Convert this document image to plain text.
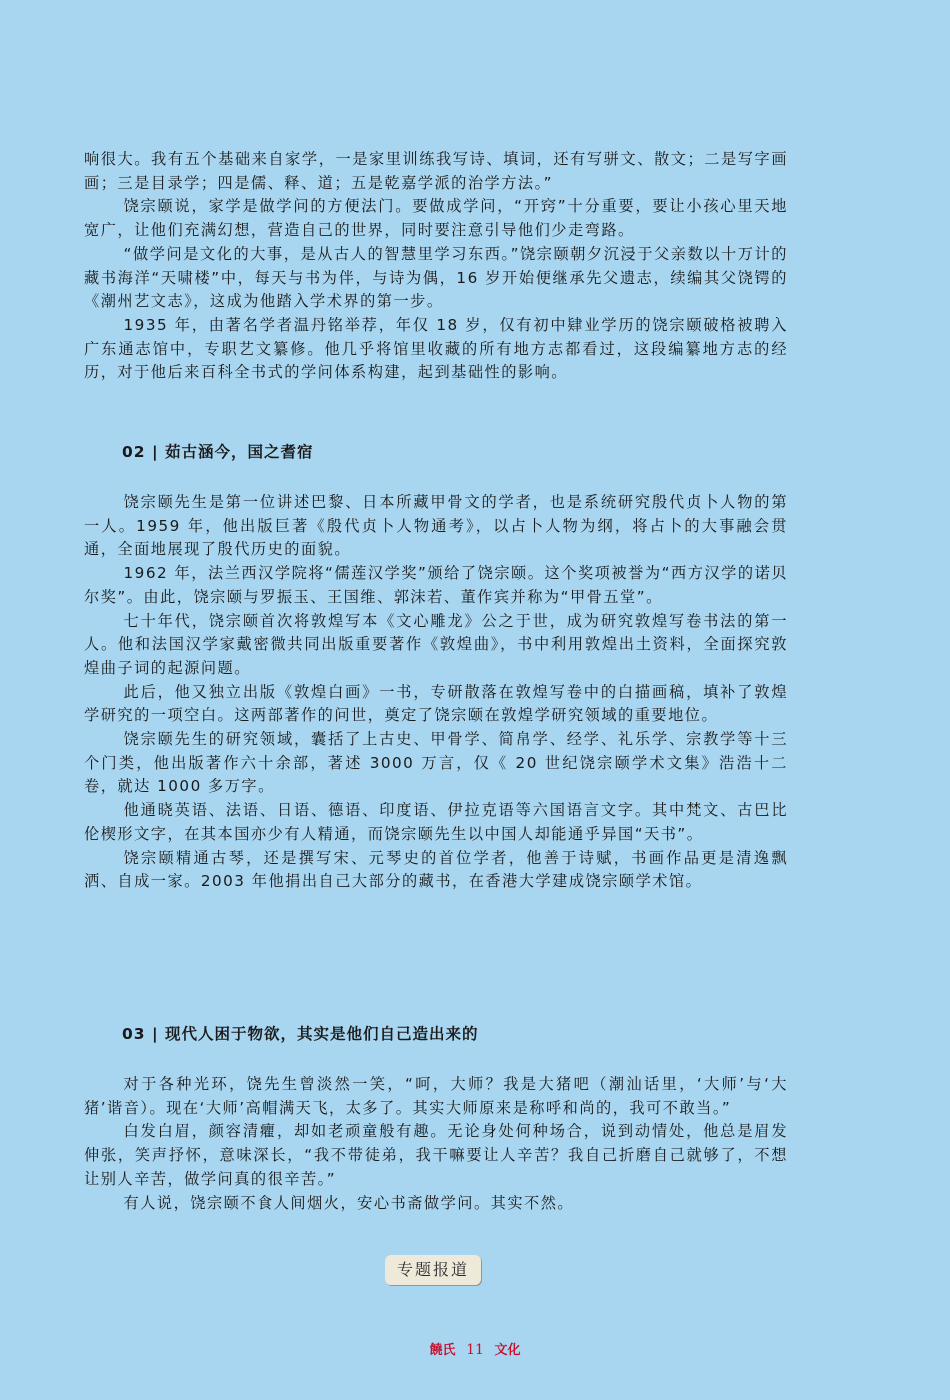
响很大。我有五个基础来自家学，一是家里训练我写诗、填词，还有写骈文、散文；二是写字画画；三是目录学；四是儒、释、道；五是乾嘉学派的治学方法。”

饶宗颐说，家学是做学问的方便法门。要做成学问，“开窍”十分重要，要让小孩心里天地宽广，让他们充满幻想，营造自己的世界，同时要注意引导他们少走弯路。

“做学问是文化的大事，是从古人的智慧里学习东西。”饶宗颐朝夕沉浸于父亲数以十万计的藏书海洋“天啸楼”中，每天与书为伴，与诗为偶，16 岁开始便继承先父遗志，续编其父饶锷的《潮州艺文志》，这成为他踏入学术界的第一步。

1935 年，由著名学者温丹铭举荐，年仅 18 岁，仅有初中肄业学历的饶宗颐破格被聘入广东通志馆中，专职艺文纂修。他几乎将馆里收藏的所有地方志都看过，这段编纂地方志的经历，对于他后来百科全书式的学问体系构建，起到基础性的影响。

02 | 茹古涵今，国之耆宿

饶宗颐先生是第一位讲述巴黎、日本所藏甲骨文的学者，也是系统研究殷代贞卜人物的第一人。1959 年，他出版巨著《殷代贞卜人物通考》，以占卜人物为纲，将占卜的大事融会贯通，全面地展现了殷代历史的面貌。

1962 年，法兰西汉学院将“儒莲汉学奖”颁给了饶宗颐。这个奖项被誉为“西方汉学的诺贝尔奖”。由此，饶宗颐与罗振玉、王国维、郭沫若、董作宾并称为“甲骨五堂”。

七十年代，饶宗颐首次将敦煌写本《文心雕龙》公之于世，成为研究敦煌写卷书法的第一人。他和法国汉学家戴密微共同出版重要著作《敦煌曲》，书中利用敦煌出土资料，全面探究敦煌曲子词的起源问题。

此后，他又独立出版《敦煌白画》一书，专研散落在敦煌写卷中的白描画稿，填补了敦煌学研究的一项空白。这两部著作的问世，奠定了饶宗颐在敦煌学研究领域的重要地位。

饶宗颐先生的研究领域，囊括了上古史、甲骨学、简帛学、经学、礼乐学、宗教学等十三个门类，他出版著作六十余部，著述 3000 万言，仅《 20 世纪饶宗颐学术文集》浩浩十二卷，就达 1000 多万字。

他通晓英语、法语、日语、德语、印度语、伊拉克语等六国语言文字。其中梵文、古巴比伦楔形文字，在其本国亦少有人精通，而饶宗颐先生以中国人却能通乎异国“天书”。

饶宗颐精通古琴，还是撰写宋、元琴史的首位学者，他善于诗赋，书画作品更是清逸飘洒、自成一家。2003 年他捐出自己大部分的藏书，在香港大学建成饶宗颐学术馆。

03 | 现代人困于物欲，其实是他们自己造出来的

对于各种光环，饶先生曾淡然一笑，“呵，大师？我是大猪吧（潮汕话里，‘大师’与‘大猪’谐音）。现在‘大师’高帽满天飞，太多了。其实大师原来是称呼和尚的，我可不敢当。”

白发白眉，颜容清癯，却如老顽童般有趣。无论身处何种场合，说到动情处，他总是眉发伸张，笑声抒怀，意味深长，“我不带徒弟，我干嘛要让人辛苦？我自己折磨自己就够了，不想让别人辛苦，做学问真的很辛苦。”

有人说，饶宗颐不食人间烟火，安心书斋做学问。其实不然。

专题报道
饒氏 11 文化
